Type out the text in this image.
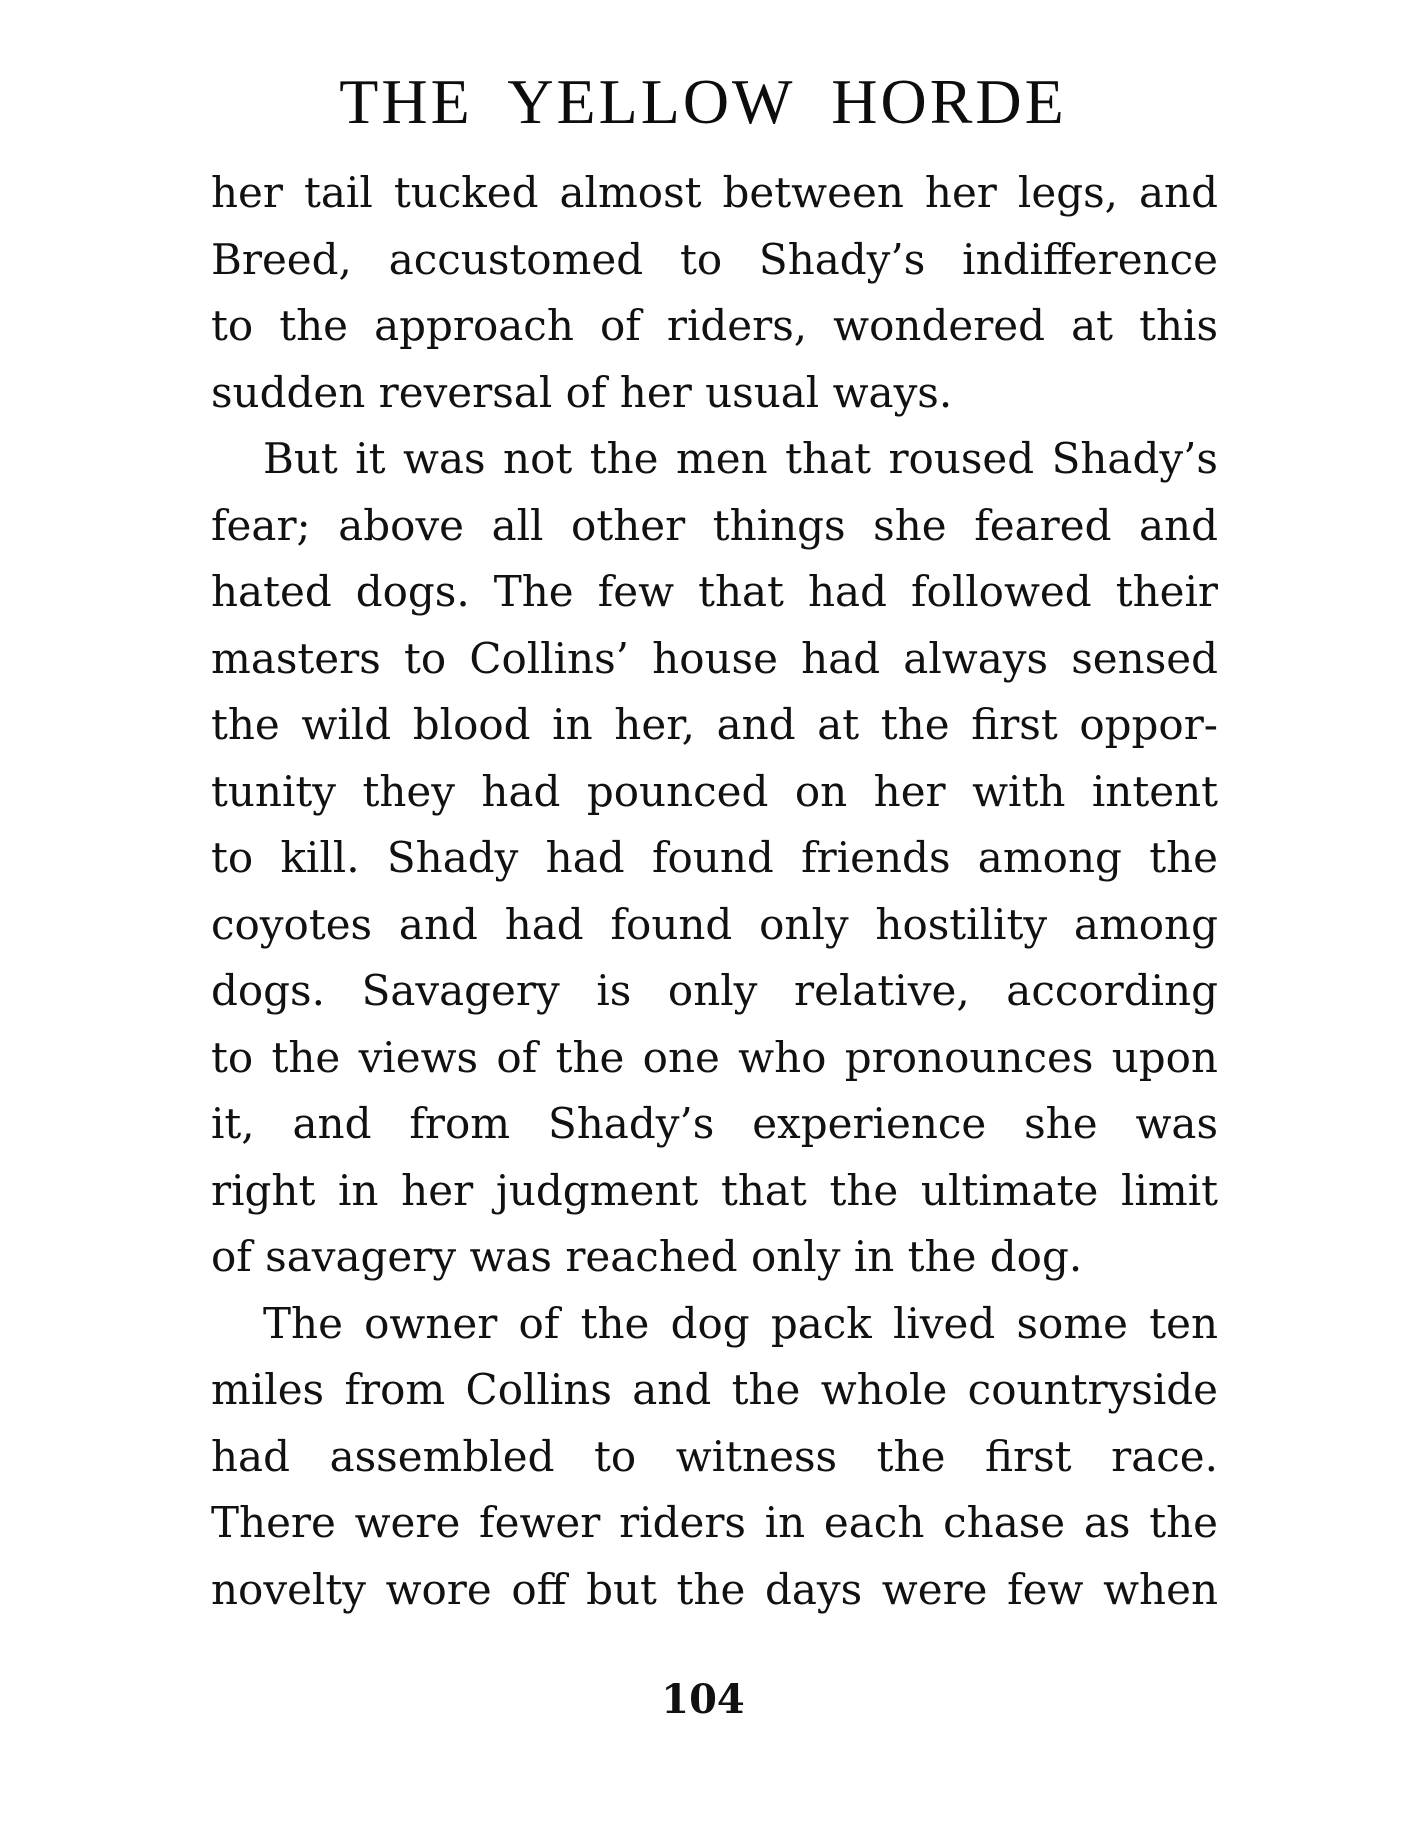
THE YELLOW HORDE
her tail tucked almost between her legs, and
Breed, accustomed to Shady’s indifference
to the approach of riders, wondered at this
sudden reversal of her usual ways.
But it was not the men that roused Shady’s
fear; above all other things she feared and
hated dogs. The few that had followed their
masters to Collins’ house had always sensed
the wild blood in her, and at the first oppor-
tunity they had pounced on her with intent
to kill. Shady had found friends among the
coyotes and had found only hostility among
dogs. Savagery is only relative, according
to the views of the one who pronounces upon
it, and from Shady’s experience she was
right in her judgment that the ultimate limit
of savagery was reached only in the dog.
The owner of the dog pack lived some ten
miles from Collins and the whole countryside
had assembled to witness the first race.
There were fewer riders in each chase as the
novelty wore off but the days were few when
104
